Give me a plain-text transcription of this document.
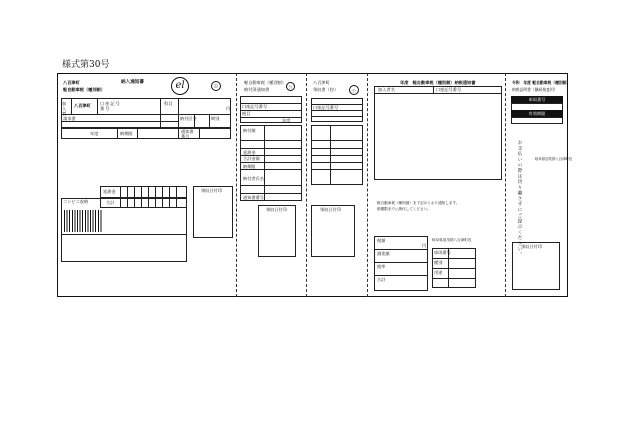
様式第30号
八百津町	納入通知書
軽自動車税（種別割）	el	公
加入者
八百津町 口座記号番号	円
科目
請求書	納付区分	期別
年度	納期限	通知書番号
延滞金
合計
コンビニ収納
領収日付印
軽自動車税（種別割）
納付済通知書
公
口座記号番号
税目
年度
納付額
延滞金
合計金額
納期限
納付者氏名
通知書番号
領収日付印
八百津町
領収書（控）	公
口座記号番号
領収日付印
年度　軽自動車税（種別割）納税通知書
加入者名	口座記号番号
軽自動車税（種別割）を下記のとおり通知します。
納期限までに納付してください。
税額
円
減免額
税率
合計
岐阜県加茂郡八百津町長
車両番号
種別
用途
令和　年度 軽自動車税（種別割）
納税証明書（継続検査用）
車両番号
有効期限
お支払いの際は切り離さずにご提示ください。	岐阜県加茂郡八百津町長
領収日付印
